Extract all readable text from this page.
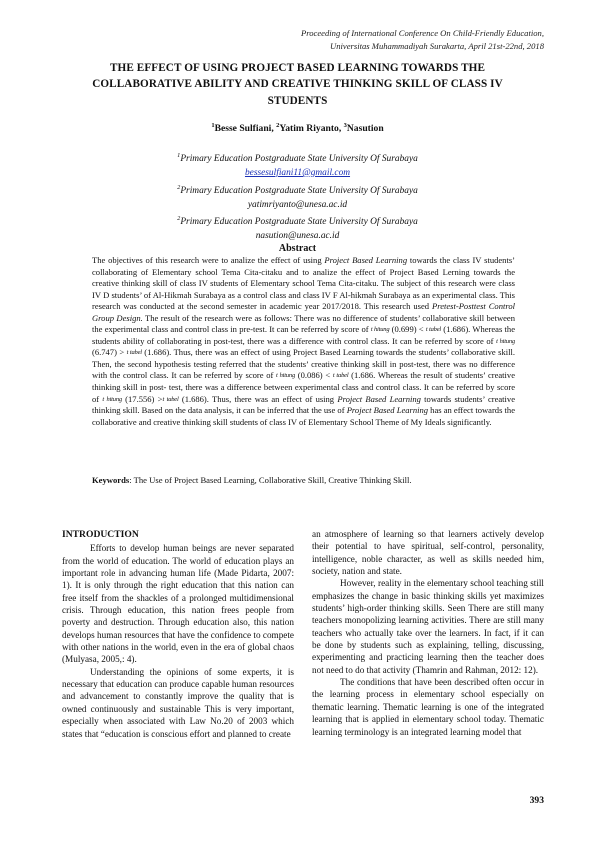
Proceeding of International Conference On Child-Friendly Education,
Universitas Muhammadiyah Surakarta, April 21st-22nd, 2018
THE EFFECT OF USING PROJECT BASED LEARNING TOWARDS THE COLLABORATIVE ABILITY AND CREATIVE THINKING SKILL OF CLASS IV STUDENTS
$^1$Besse Sulfiani, $^2$Yatim Riyanto, $^3$Nasution
$^1$Primary Education Postgraduate State University Of Surabaya
bessesulfiani11@gmail.com
$^2$Primary Education Postgraduate State University Of Surabaya
yatimriyanto@unesa.ac.id
$^2$Primary Education Postgraduate State University Of Surabaya
nasution@unesa.ac.id
Abstract

The objectives of this research were to analize the effect of using Project Based Learning towards the class IV students’ collaborating of Elementary school Tema Cita-citaku and to analize the effect of Project Based Lerning towards the creative thinking skill of class IV students of Elementary school Tema Cita-citaku. The subject of this research were class IV D students’ of Al-Hikmah Surabaya as a control class and class IV F Al-hikmah Surabaya as an experimental class. This research was conducted at the second semester in academic year 2017/2018. This research used Pretest-Posttest Control Group Design. The result of the research were as follows: There was no difference of students’ collaborative skill between the experimental class and control class in pre-test. It can be referred by score of t hitung (0.699) < t tabel (1.686). Whereas the students ability of collaborating in post-test, there was a difference with control class. It can be referred by score of t hitung (6.747) > t tabel (1.686). Thus, there was an effect of using Project Based Learning towards the students’ collaborative skill. Then, the second hypothesis testing referred that the students’ creative thinking skill in post-test, there was no difference with the control class. It can be referred by score of t hitung (0.086) < t tabel (1.686. Whereas the result of students’ creative thinking skill in post- test, there was a difference between experimental class and control class. It can be referred by score of t hitung (17.556) >t tabel (1.686). Thus, there was an effect of using Project Based Learning towards students’ creative thinking skill. Based on the data analysis, it can be inferred that the use of Project Based Learning has an effect towards the collaborative and creative thinking skill students of class IV of Elementary School Theme of My Ideals significantly.

Keywords: The Use of Project Based Learning, Collaborative Skill, Creative Thinking Skill.
INTRODUCTION

Efforts to develop human beings are never separated from the world of education. The world of education plays an important role in advancing human life (Made Pidarta, 2007: 1). It is only through the right education that this nation can free itself from the shackles of a prolonged multidimensional crisis. Through education, this nation frees people from poverty and destruction. Through education also, this nation develops human resources that have the confidence to compete with other nations in the world, even in the era of global chaos (Mulyasa, 2005,: 4).

Understanding the opinions of some experts, it is necessary that education can produce capable human resources and advancement to constantly improve the quality that is owned continuously and sustainable This is very important, especially when associated with Law No.20 of 2003 which states that “education is conscious effort and planned to create

an atmosphere of learning so that learners actively develop their potential to have spiritual, self-control, personality, intelligence, noble character, as well as skills needed him, society, nation and state.

However, reality in the elementary school teaching still emphasizes the change in basic thinking skills yet maximizes students’ high-order thinking skills. Seen There are still many teachers monopolizing learning activities. There are still many teachers who actually take over the learners. In fact, if it can be done by students such as explaining, telling, discussing, experimenting and practicing learning then the teacher does not need to do that activity (Thamrin and Rahman, 2012: 12).

The conditions that have been described often occur in the learning process in elementary school especially on thematic learning. Thematic learning is one of the integrated learning that is applied in elementary school today. Thematic learning terminology is an integrated learning model that

393
